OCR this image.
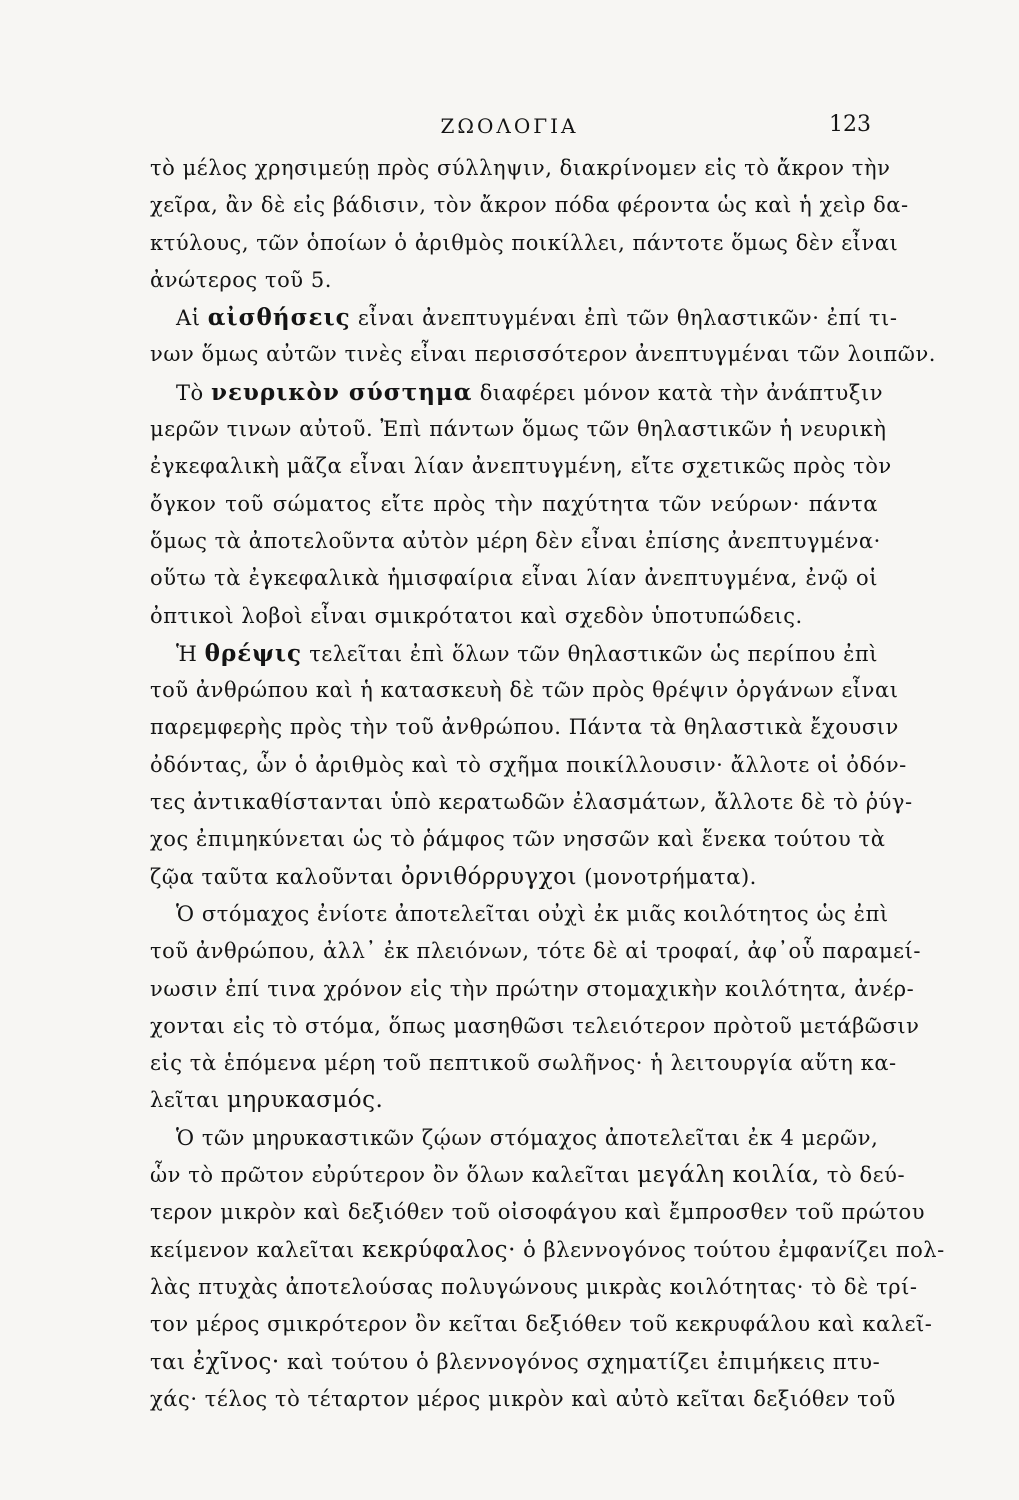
ΖΩΟΛΟΓΙΑ	123
τὸ μέλος χρησιμεύῃ πρὸς σύλληψιν, διακρίνομεν εἰς τὸ ἄκρον τὴν
χεῖρα, ἂν δὲ εἰς βάδισιν, τὸν ἄκρον πόδα φέροντα ὡς καὶ ἡ χεὶρ δα-
κτύλους, τῶν ὁποίων ὁ ἀριθμὸς ποικίλλει, πάντοτε ὅμως δὲν εἶναι
ἀνώτερος τοῦ 5.
Αἱ αἰσθήσεις εἶναι ἀνεπτυγμέναι ἐπὶ τῶν θηλαστικῶν· ἐπί τι-
νων ὅμως αὐτῶν τινὲς εἶναι περισσότερον ἀνεπτυγμέναι τῶν λοιπῶν.
Τὸ νευρικὸν σύστημα διαφέρει μόνον κατὰ τὴν ἀνάπτυξιν
μερῶν τινων αὐτοῦ. Ἐπὶ πάντων ὅμως τῶν θηλαστικῶν ἡ νευρικὴ
ἐγκεφαλικὴ μᾶζα εἶναι λίαν ἀνεπτυγμένη, εἴτε σχετικῶς πρὸς τὸν
ὄγκον τοῦ σώματος εἴτε πρὸς τὴν παχύτητα τῶν νεύρων· πάντα
ὅμως τὰ ἀποτελοῦντα αὐτὸν μέρη δὲν εἶναι ἐπίσης ἀνεπτυγμένα·
οὕτω τὰ ἐγκεφαλικὰ ἡμισφαίρια εἶναι λίαν ἀνεπτυγμένα, ἐνῷ οἱ
ὀπτικοὶ λοβοὶ εἶναι σμικρότατοι καὶ σχεδὸν ὑποτυπώδεις.
Ἡ θρέψις τελεῖται ἐπὶ ὅλων τῶν θηλαστικῶν ὡς περίπου ἐπὶ
τοῦ ἀνθρώπου καὶ ἡ κατασκευὴ δὲ τῶν πρὸς θρέψιν ὀργάνων εἶναι
παρεμφερὴς πρὸς τὴν τοῦ ἀνθρώπου. Πάντα τὰ θηλαστικὰ ἔχουσιν
ὀδόντας, ὧν ὁ ἀριθμὸς καὶ τὸ σχῆμα ποικίλλουσιν· ἄλλοτε οἱ ὀδόν-
τες ἀντικαθίστανται ὑπὸ κερατωδῶν ἐλασμάτων, ἄλλοτε δὲ τὸ ῥύγ-
χος ἐπιμηκύνεται ὡς τὸ ῥάμφος τῶν νησσῶν καὶ ἕνεκα τούτου τὰ
ζῷα ταῦτα καλοῦνται ὀρνιθόρρυγχοι (μονοτρήματα).
Ὁ στόμαχος ἐνίοτε ἀποτελεῖται οὐχὶ ἐκ μιᾶς κοιλότητος ὡς ἐπὶ
τοῦ ἀνθρώπου, ἀλλ᾽ ἐκ πλειόνων, τότε δὲ αἱ τροφαί, ἀφ᾽οὗ παραμεί-
νωσιν ἐπί τινα χρόνον εἰς τὴν πρώτην στομαχικὴν κοιλότητα, ἀνέρ-
χονται εἰς τὸ στόμα, ὅπως μασηθῶσι τελειότερον πρὸτοῦ μετάβῶσιν
εἰς τὰ ἑπόμενα μέρη τοῦ πεπτικοῦ σωλῆνος· ἡ λειτουργία αὕτη κα-
λεῖται μηρυκασμός.
Ὁ τῶν μηρυκαστικῶν ζῴων στόμαχος ἀποτελεῖται ἐκ 4 μερῶν,
ὧν τὸ πρῶτον εὐρύτερον ὂν ὅλων καλεῖται μεγάλη κοιλία, τὸ δεύ-
τερον μικρὸν καὶ δεξιόθεν τοῦ οἰσοφάγου καὶ ἔμπροσθεν τοῦ πρώτου
κείμενον καλεῖται κεκρύφαλος· ὁ βλεννογόνος τούτου ἐμφανίζει πολ-
λὰς πτυχὰς ἀποτελούσας πολυγώνους μικρὰς κοιλότητας· τὸ δὲ τρί-
τον μέρος σμικρότερον ὂν κεῖται δεξιόθεν τοῦ κεκρυφάλου καὶ καλεῖ-
ται ἐχῖνος· καὶ τούτου ὁ βλεννογόνος σχηματίζει ἐπιμήκεις πτυ-
χάς· τέλος τὸ τέταρτον μέρος μικρὸν καὶ αὐτὸ κεῖται δεξιόθεν τοῦ
